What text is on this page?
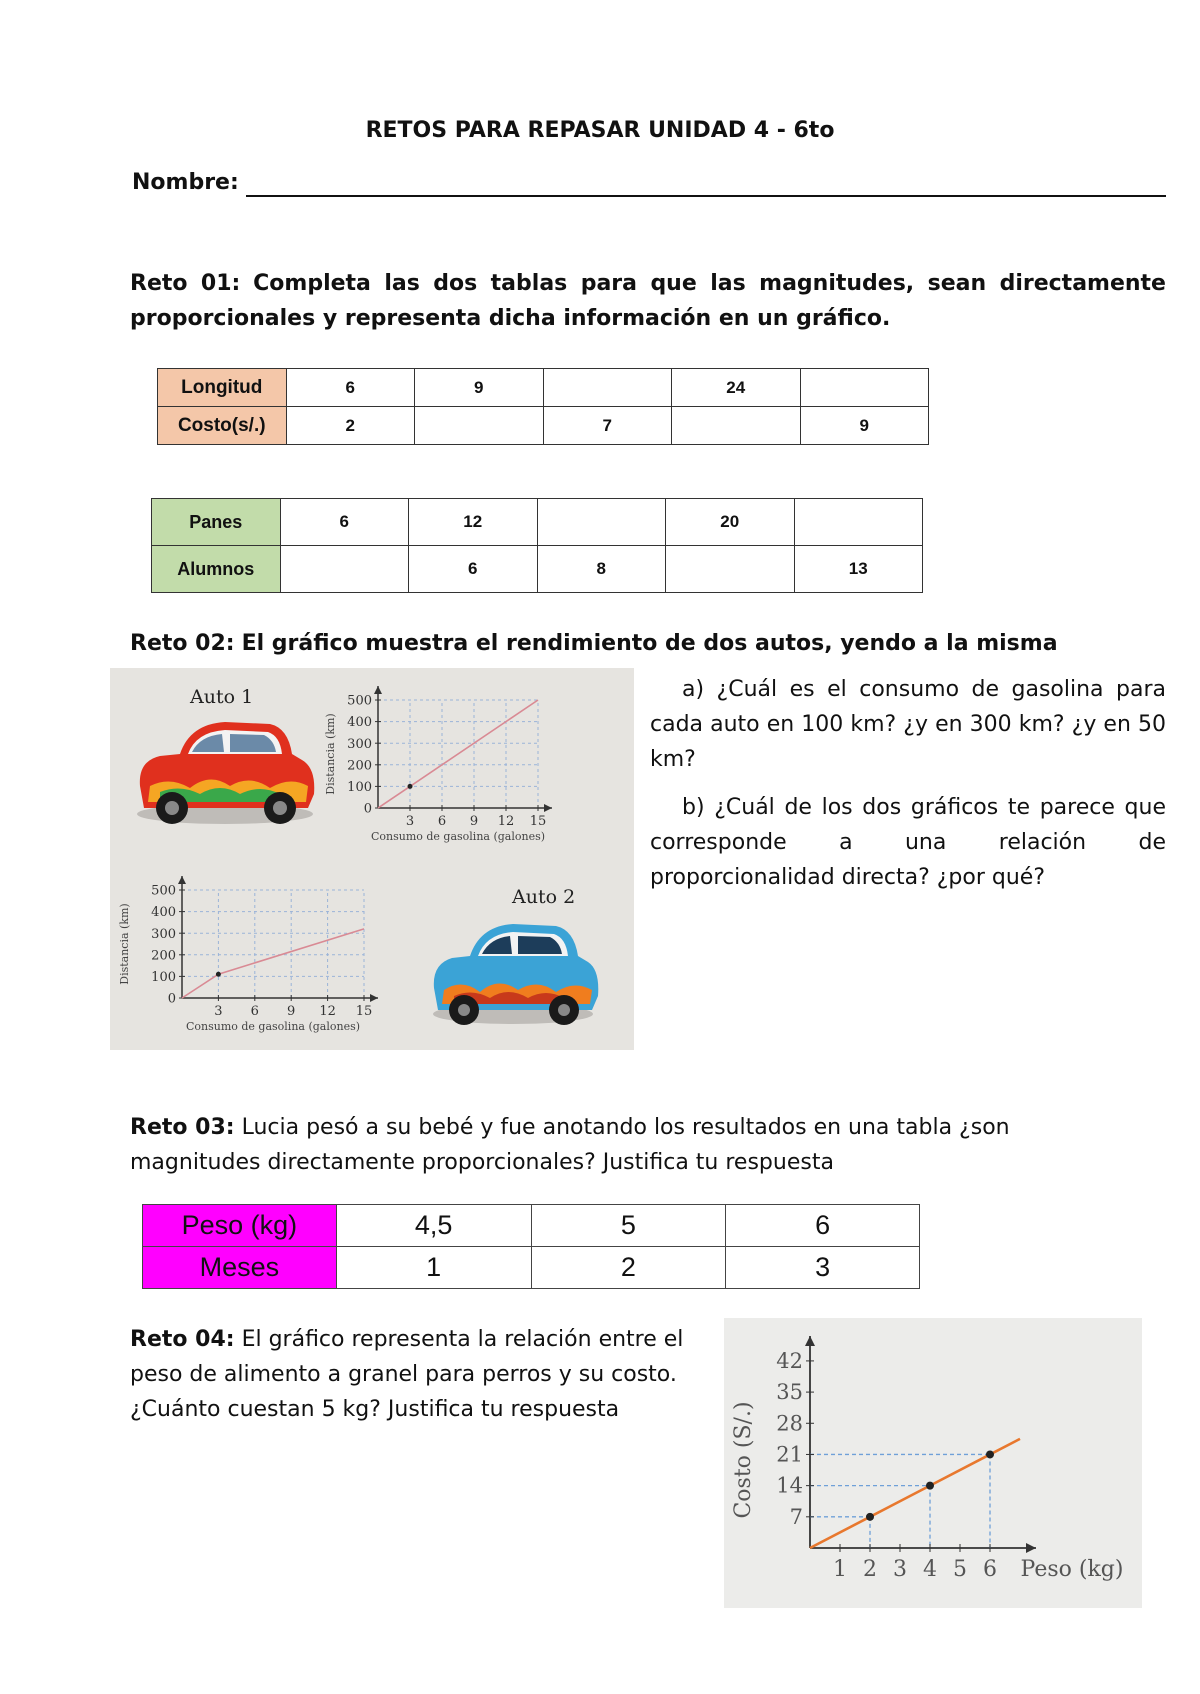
RETOS PARA REPASAR UNIDAD 4 - 6to
Nombre:
Reto 01: Completa las dos tablas para que las magnitudes, sean directamente proporcionales y representa dicha información en un gráfico.
Longitud	6	9		24	
Costo(s/.)	2		7		9
Panes	6	12		20	
Alumnos		6	8		13
Reto 02: El gráfico muestra el rendimiento de dos autos, yendo a la misma
3 6 9 12 15
0
100
200
300
400
500
Consumo de gasolina (galones)
Distancia (km)
3 6 9 12 15
0
100
200
300
400
500
Consumo de gasolina (galones)
Distancia (km)
Auto 1
Auto 2
a) ¿Cuál es el consumo de gasolina para cada auto en 100 km? ¿y en 300 km? ¿y en 50 km?
b) ¿Cuál de los dos gráficos te parece que corresponde a una relación de proporcionalidad directa? ¿por qué?
Reto 03: Lucia pesó a su bebé y fue anotando los resultados en una tabla ¿son magnitudes directamente proporcionales? Justifica tu respuesta
Peso (kg)	4,5	5	6
Meses	1	2	3
Reto 04: El gráfico representa la relación entre el peso de alimento a granel para perros y su costo. ¿Cuánto cuestan 5 kg? Justifica tu respuesta
1 2 3 4 5 6
7
14
21
28
35
42
Peso (kg)
Costo (S/.)
